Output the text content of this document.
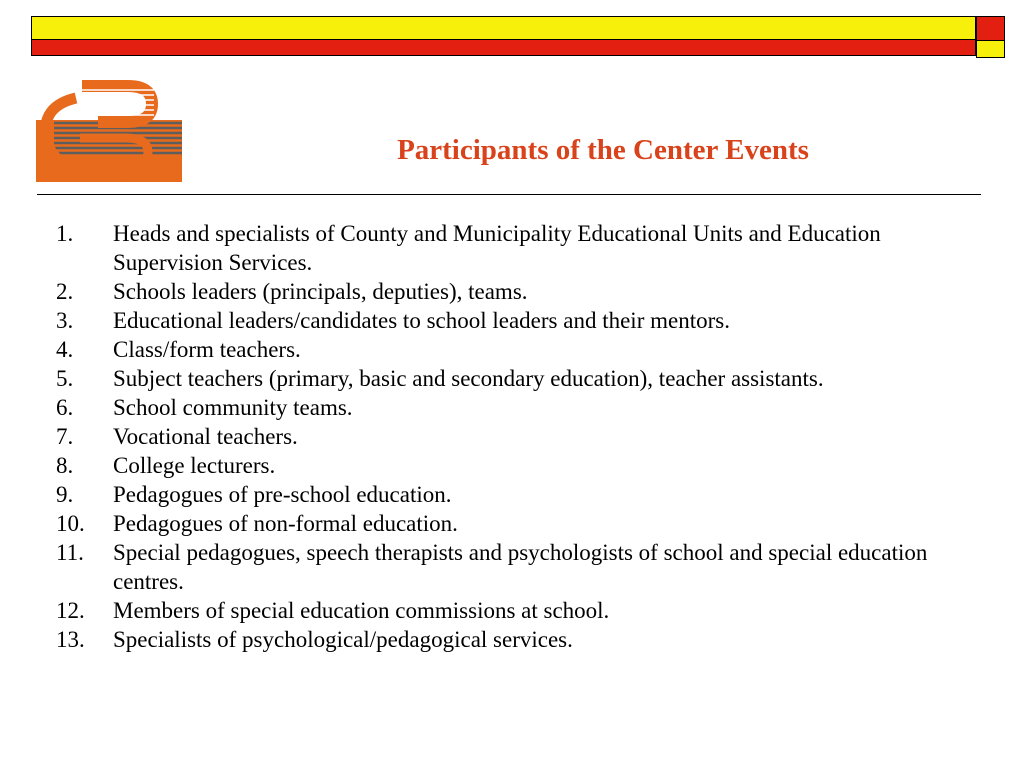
Participants of the Center Events
1.	Heads and specialists of County and Municipality Educational Units and Education Supervision Services.
2.	Schools leaders (principals, deputies), teams.
3.	Educational leaders/candidates to school leaders and their mentors.
4.	Class/form teachers.
5.	Subject teachers (primary, basic and secondary education), teacher assistants.
6.	School community teams.
7.	Vocational teachers.
8.	College lecturers.
9.	Pedagogues of pre-school education.
10.	Pedagogues of non-formal education.
11.	Special pedagogues, speech therapists and psychologists of school and special education centres.
12.	Members of special education commissions at school.
13.	Specialists of psychological/pedagogical services.
